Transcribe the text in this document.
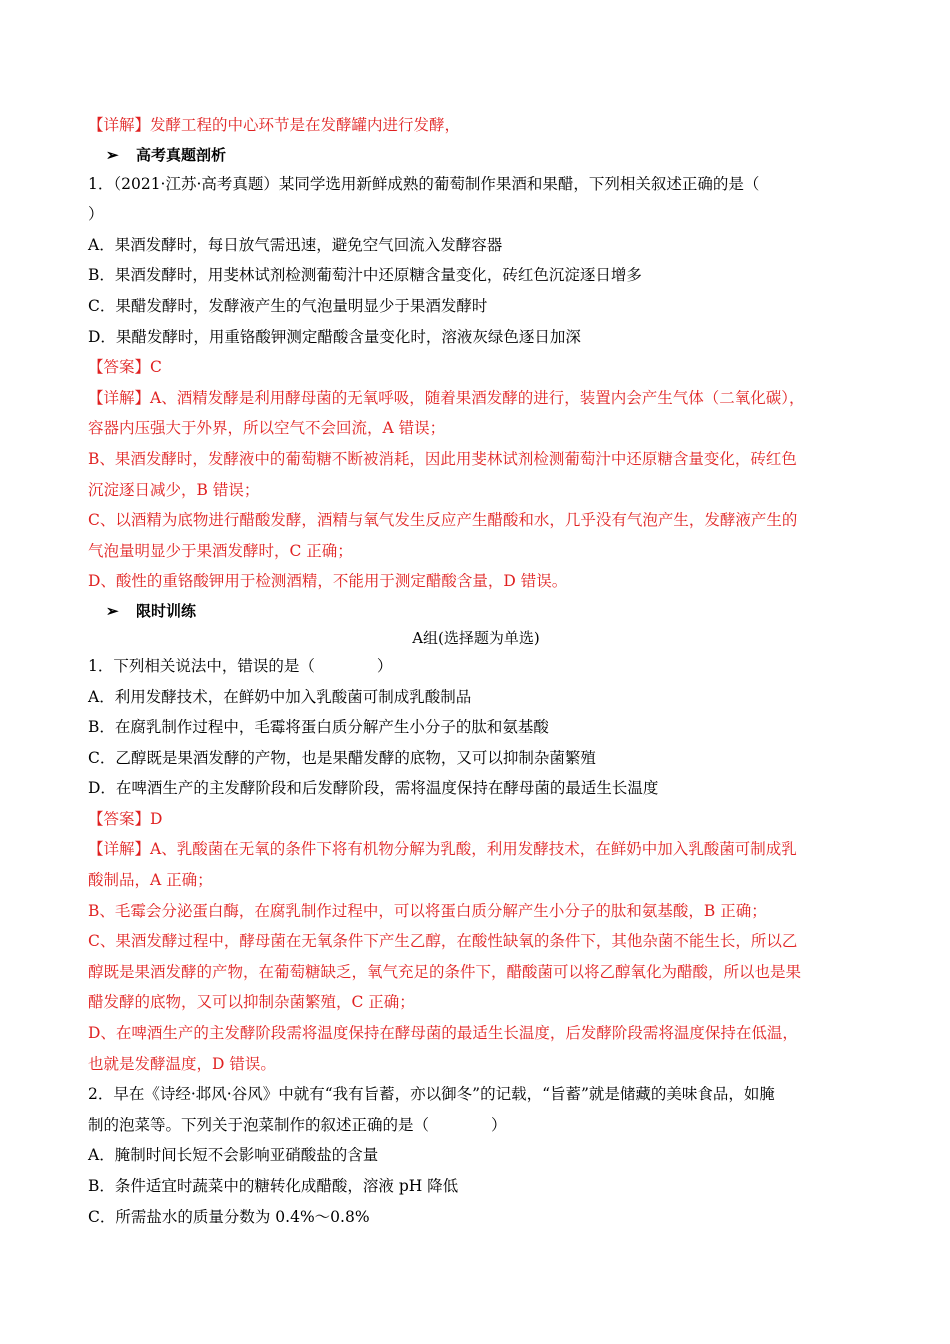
【详解】发酵工程的中心环节是在发酵罐内进行发酵，
➢ 高考真题剖析
1．（2021·江苏·高考真题）某同学选用新鲜成熟的葡萄制作果酒和果醋，下列相关叙述正确的是（
）
A．果酒发酵时，每日放气需迅速，避免空气回流入发酵容器
B．果酒发酵时，用斐林试剂检测葡萄汁中还原糖含量变化，砖红色沉淀逐日增多
C．果醋发酵时，发酵液产生的气泡量明显少于果酒发酵时
D．果醋发酵时，用重铬酸钾测定醋酸含量变化时，溶液灰绿色逐日加深
【答案】C
【详解】A、酒精发酵是利用酵母菌的无氧呼吸，随着果酒发酵的进行，装置内会产生气体（二氧化碳），
容器内压强大于外界，所以空气不会回流，A 错误；
B、果酒发酵时，发酵液中的葡萄糖不断被消耗，因此用斐林试剂检测葡萄汁中还原糖含量变化，砖红色
沉淀逐日减少，B 错误；
C、以酒精为底物进行醋酸发酵，酒精与氧气发生反应产生醋酸和水，几乎没有气泡产生，发酵液产生的
气泡量明显少于果酒发酵时，C 正确；
D、酸性的重铬酸钾用于检测酒精，不能用于测定醋酸含量，D 错误。
➢ 限时训练
A组(选择题为单选)
1．下列相关说法中，错误的是（　　　　）
A．利用发酵技术，在鲜奶中加入乳酸菌可制成乳酸制品
B．在腐乳制作过程中，毛霉将蛋白质分解产生小分子的肽和氨基酸
C．乙醇既是果酒发酵的产物，也是果醋发酵的底物，又可以抑制杂菌繁殖
D．在啤酒生产的主发酵阶段和后发酵阶段，需将温度保持在酵母菌的最适生长温度
【答案】D
【详解】A、乳酸菌在无氧的条件下将有机物分解为乳酸，利用发酵技术，在鲜奶中加入乳酸菌可制成乳
酸制品，A 正确；
B、毛霉会分泌蛋白酶，在腐乳制作过程中，可以将蛋白质分解产生小分子的肽和氨基酸，B 正确；
C、果酒发酵过程中，酵母菌在无氧条件下产生乙醇，在酸性缺氧的条件下，其他杂菌不能生长，所以乙
醇既是果酒发酵的产物，在葡萄糖缺乏，氧气充足的条件下，醋酸菌可以将乙醇氧化为醋酸，所以也是果
醋发酵的底物，又可以抑制杂菌繁殖，C 正确；
D、在啤酒生产的主发酵阶段需将温度保持在酵母菌的最适生长温度，后发酵阶段需将温度保持在低温，
也就是发酵温度，D 错误。
2．早在《诗经·邶风·谷风》中就有“我有旨蓄，亦以御冬”的记载，“旨蓄”就是储藏的美味食品，如腌
制的泡菜等。下列关于泡菜制作的叙述正确的是（　　　　）
A．腌制时间长短不会影响亚硝酸盐的含量
B．条件适宜时蔬菜中的糖转化成醋酸，溶液 pH 降低
C．所需盐水的质量分数为 0.4%～0.8%
